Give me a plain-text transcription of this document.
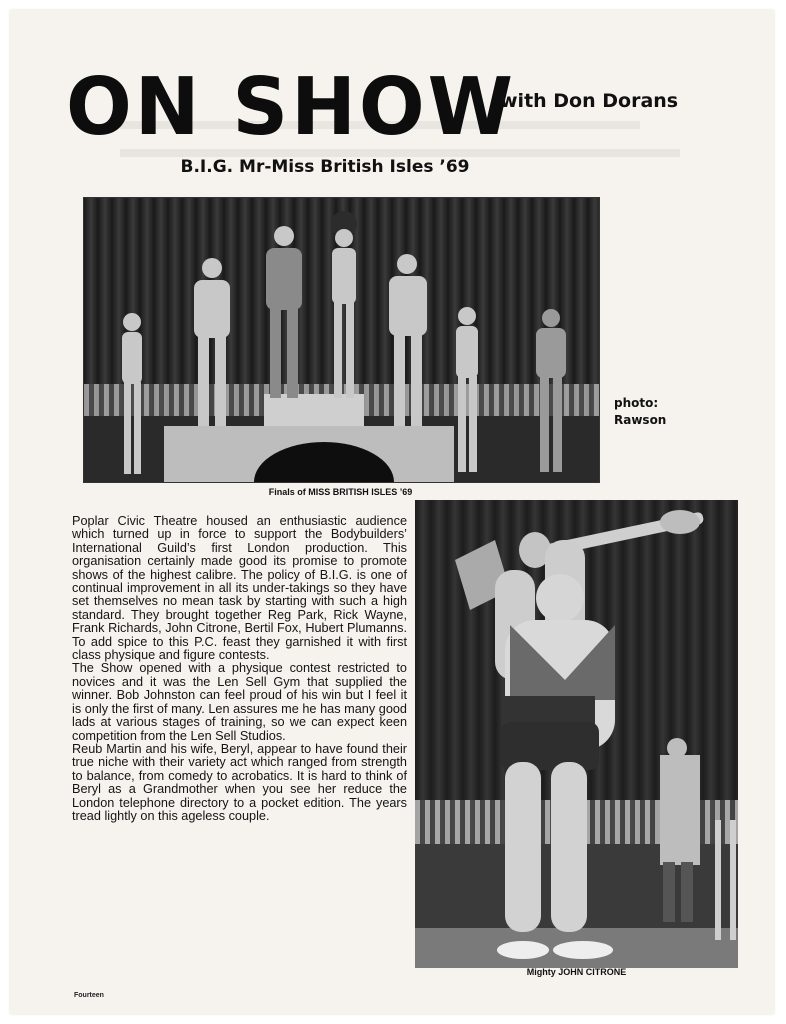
ON SHOW
with Don Dorans
B.I.G. Mr-Miss British Isles ’69
photo:
Rawson
Finals of MISS BRITISH ISLES ’69

Poplar Civic Theatre housed an enthusiastic audience which turned up in force to support the Bodybuilders’ International Guild’s first London production. This organisation certainly made good its promise to promote shows of the highest calibre. The policy of B.I.G. is one of continual improvement in all its under-takings so they have set themselves no mean task by starting with such a high standard. They brought together Reg Park, Rick Wayne, Frank Richards, John Citrone, Bertil Fox, Hubert Plumanns. To add spice to this P.C. feast they garnished it with first class physique and figure contests.

The Show opened with a physique contest restricted to novices and it was the Len Sell Gym that supplied the winner. Bob Johnston can feel proud of his win but I feel it is only the first of many. Len assures me he has many good lads at various stages of training, so we can expect keen competition from the Len Sell Studios.

Reub Martin and his wife, Beryl, appear to have found their true niche with their variety act which ranged from strength to balance, from comedy to acrobatics. It is hard to think of Beryl as a Grandmother when you see her reduce the London telephone directory to a pocket edition. The years tread lightly on this ageless couple.

Mighty JOHN CITRONE
Fourteen
